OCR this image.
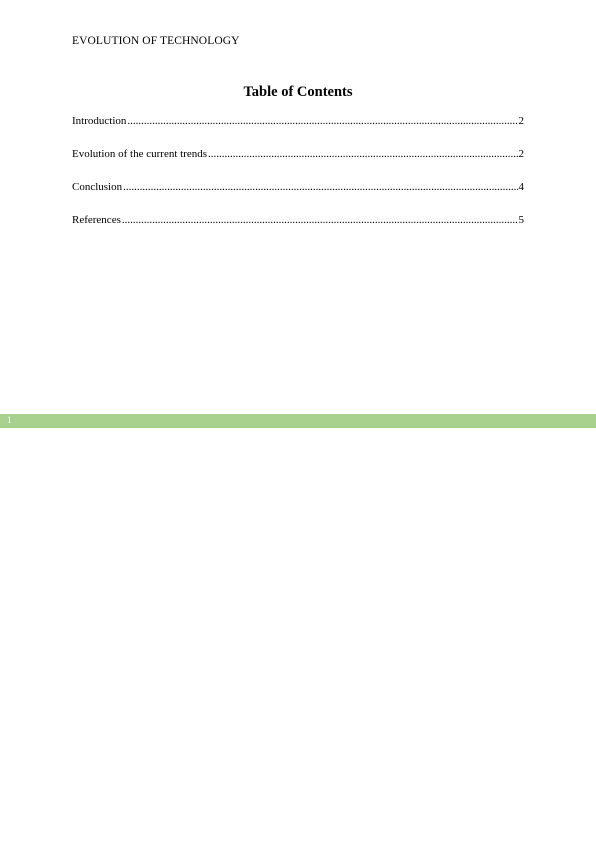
EVOLUTION OF TECHNOLOGY
Table of Contents
Introduction .....	2
Evolution of the current trends .....	2
Conclusion .....	4
References .....	5
1
